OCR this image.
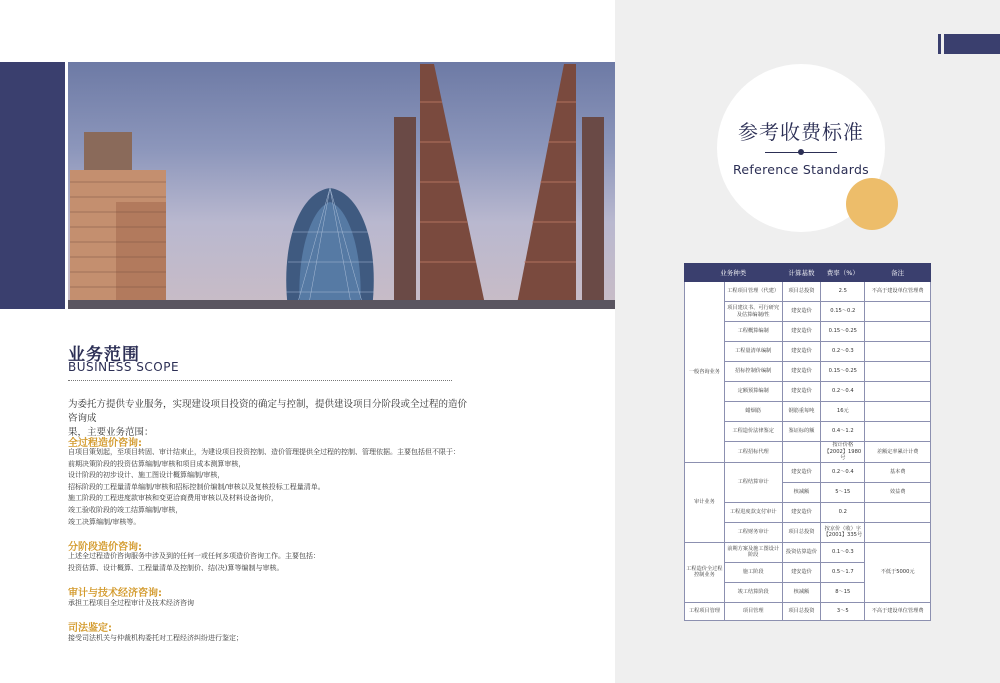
业务范围
BUSINESS SCOPE
为委托方提供专业服务，实现建设项目投资的确定与控制，提供建设项目分阶段或全过程的造价咨询成
果，主要业务范围：
全过程造价咨询:
自项目策划起，至项目转固、审计结束止，为建设项目投资控制、造价管理提供全过程的控制、管理依据。主要包括但不限于：
前期决策阶段的投资估算编制/审核和项目成本测算审核，
设计阶段的初步设计、施工图设计概算编制/审核，
招标阶段的工程量清单编制/审核和招标控制价编制/审核以及复核投标工程量清单。
施工阶段的工程进度款审核和变更洽商费用审核以及材料设备询价，
竣工验收阶段的竣工结算编制/审核，
竣工决算编制/审核等。
分阶段造价咨询:
上述全过程造价咨询服务中涉及到的任何一或任何多项造价咨询工作。主要包括：
投资估算、设计概算、工程量清单及控制价、结(决)算等编制与审核。
审计与技术经济咨询:
承担工程项目全过程审计及技术经济咨询
司法鉴定:
接受司法机关与仲裁机构委托对工程经济纠纷进行鉴定；
参考收费标准
Reference Standards
业务种类		计算基数	费率（%）	备注
一般咨询业务	工程项目管理（代建）	项目总投资	2.5	不高于建设单位管理费
	项目建议书、可行研究及估算编制/性	建安造价	0.15～0.2	
	工程概算编制	建安造价	0.15～0.25	
	工程量清单编制	建安造价	0.2～0.3	
	招标控制价编制	建安造价	0.15～0.25	
	定额预算编制	建安造价	0.2～0.4	
	蜡烟筋	钢筋重每吨	16元	
	工程造价法律鉴定	鉴证标的额	0.4～1.2	
	工程招标代理		按计价格【2002】1980号	差额定率累计计费
审计业务	工程结算审计	建安造价	0.2～0.4	基本费
		核减额	5～15	效益费
	工程进度款支付审计	建安造价	0.2	
	工程财务审计	项目总投资	按京价（收）字【2001】335号	
工程造价全过程控制业务	前期方案及施工图设计阶段	投资估算造价	0.1～0.3	不低于5000元
	施工阶段	建安造价	0.5～1.7	
	竣工结算阶段	核减额	8～15	
工程项目管理	项目管理	项目总投资	3～5	不高于建设单位管理费
